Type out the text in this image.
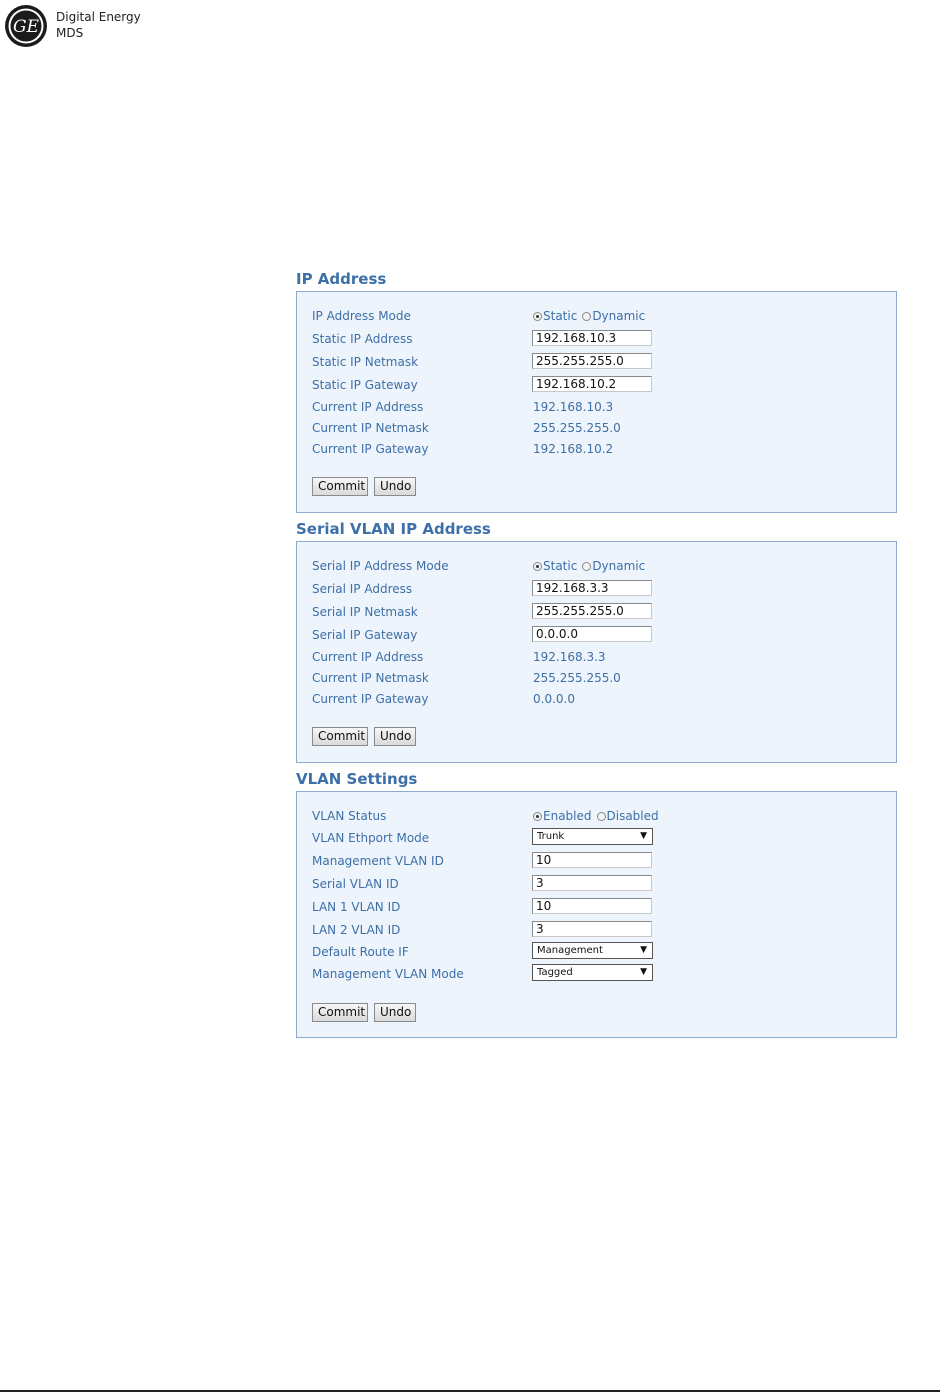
GE Digital Energy
MDS
IP Address
IP Address Mode	Static Dynamic
Static IP Address	192.168.10.3
Static IP Netmask	255.255.255.0
Static IP Gateway	192.168.10.2
Current IP Address	192.168.10.3
Current IP Netmask	255.255.255.0
Current IP Gateway	192.168.10.2
Commit	Undo
Serial VLAN IP Address
Serial IP Address Mode	Static Dynamic
Serial IP Address	192.168.3.3
Serial IP Netmask	255.255.255.0
Serial IP Gateway	0.0.0.0
Current IP Address	192.168.3.3
Current IP Netmask	255.255.255.0
Current IP Gateway	0.0.0.0
Commit	Undo
VLAN Settings
VLAN Status	Enabled Disabled
VLAN Ethport Mode	Trunk	▼
Management VLAN ID	10
Serial VLAN ID	3
LAN 1 VLAN ID	10
LAN 2 VLAN ID	3
Default Route IF	Management	▼
Management VLAN Mode	Tagged	▼
Commit	Undo
